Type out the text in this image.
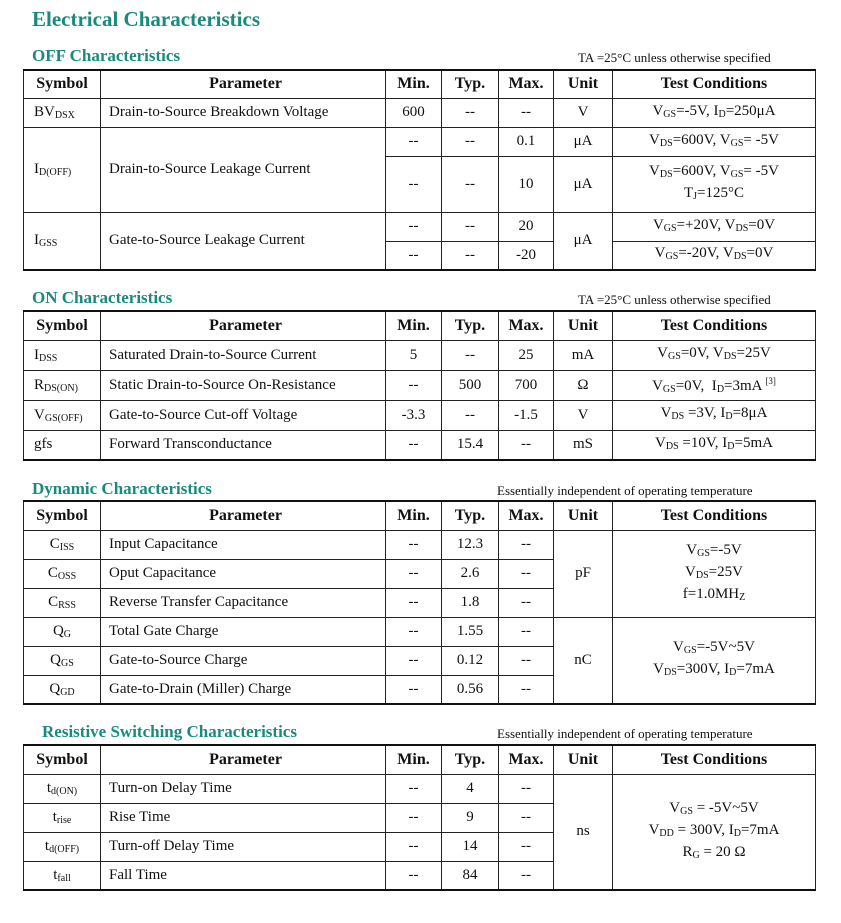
Electrical Characteristics
OFF Characteristics	TA =25°C unless otherwise specified
Symbol	Parameter	Min.	Typ.	Max.	Unit	Test Conditions
$BV_{DSX}$	Drain-to-Source Breakdown Voltage	600	--	--	V	$V_{GS}=-5V$, $I_D=250\mu A$
$I_{D(OFF)}$	Drain-to-Source Leakage Current	--	--	0.1	μA	$V_{DS}=600V$, $V_{GS}= -5V$
		--	--	10	μA	$V_{DS}=600V$, $V_{GS}= -5V$
$T_J=125^\circ C$
$I_{GSS}$	Gate-to-Source Leakage Current	--	--	20	μA	$V_{GS}=+20V$, $V_{DS}=0V$
		--	--	-20		$V_{GS}=-20V$, $V_{DS}=0V$
ON Characteristics	TA =25°C unless otherwise specified
Symbol	Parameter	Min.	Typ.	Max.	Unit	Test Conditions
$I_{DSS}$	Saturated Drain-to-Source Current	5	--	25	mA	$V_{GS}=0V$, $V_{DS}=25V$
$R_{DS(ON)}$	Static Drain-to-Source On-Resistance	--	500	700	Ω	$V_{GS}=0V$,  $I_D=3mA$ [3]
$V_{GS(OFF)}$	Gate-to-Source Cut-off Voltage	-3.3	--	-1.5	V	$V_{DS} =3V$, $I_D=8\mu A$
gfs	Forward Transconductance	--	15.4	--	mS	$V_{DS} =10V$, $I_D=5mA$
Dynamic Characteristics	Essentially independent of operating temperature
Symbol	Parameter	Min.	Typ.	Max.	Unit	Test Conditions
$C_{ISS}$	Input Capacitance	--	12.3	--	pF	$V_{GS}=-5V$
$V_{DS}=25V$
$f=1.0MH_Z$
$C_{OSS}$	Oput Capacitance	--	2.6	--		
$C_{RSS}$	Reverse Transfer Capacitance	--	1.8	--		
$Q_G$	Total Gate Charge	--	1.55	--	nC	$V_{GS}=-5V\sim 5V$
$V_{DS}=300V$, $I_D=7mA$
$Q_{GS}$	Gate-to-Source Charge	--	0.12	--		
$Q_{GD}$	Gate-to-Drain (Miller) Charge	--	0.56	--		
Resistive Switching Characteristics	Essentially independent of operating temperature
Symbol	Parameter	Min.	Typ.	Max.	Unit	Test Conditions
$t_{d(ON)}$	Turn-on Delay Time	--	4	--	ns	$V_{GS}$ = -5V~5V
$V_{DD} = 300V$, $I_D=7mA$
$R_G = 20$ Ω
$t_{rise}$	Rise Time	--	9	--		
$t_{d(OFF)}$	Turn-off Delay Time	--	14	--		
$t_{fall}$	Fall Time	--	84	--		
